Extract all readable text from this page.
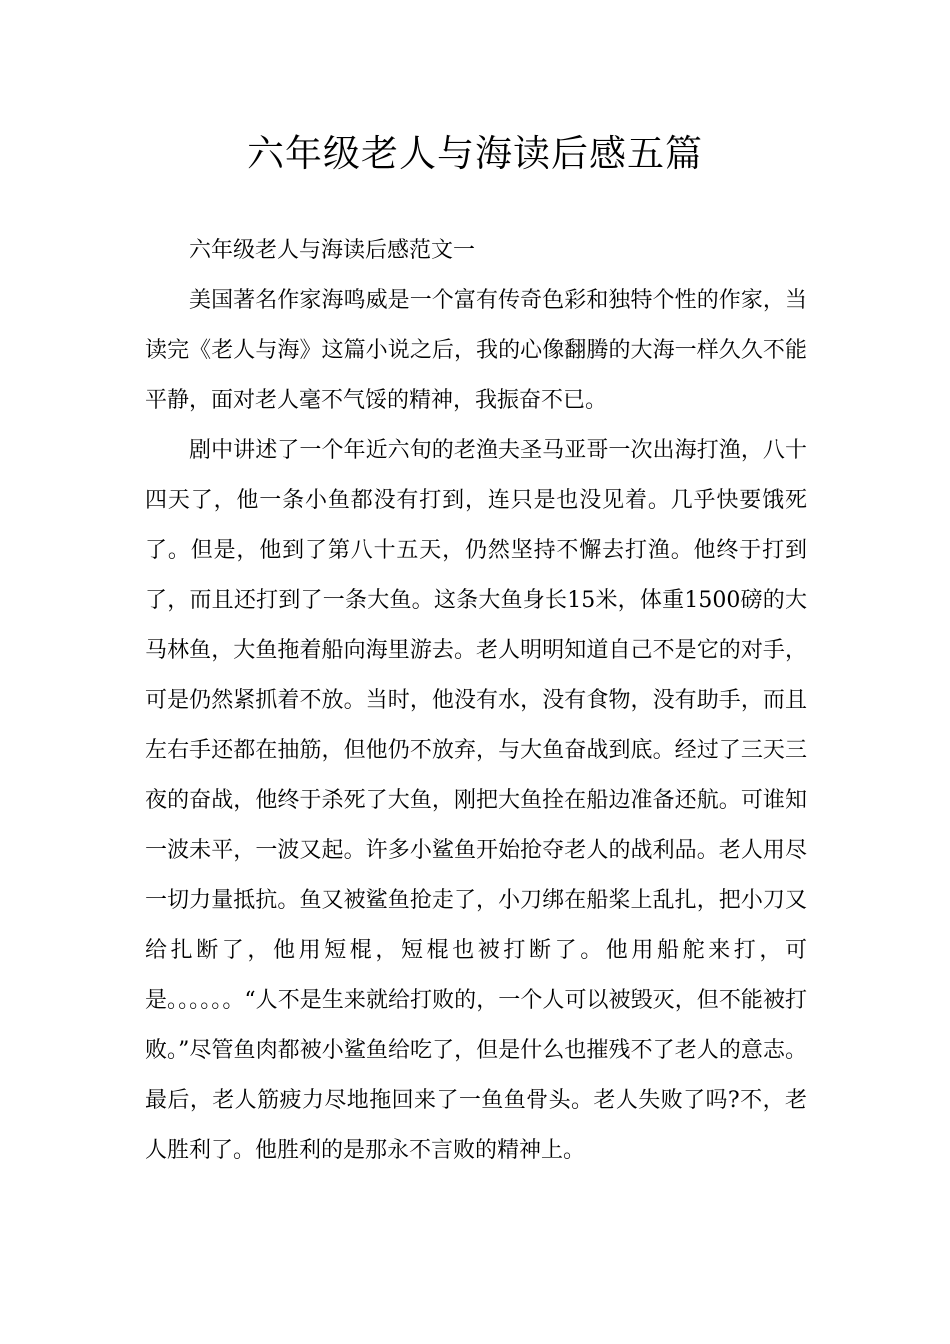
六年级老人与海读后感五篇

六年级老人与海读后感范文一

美国著名作家海鸣威是一个富有传奇色彩和独特个性的作家，当读完《老人与海》这篇小说之后，我的心像翻腾的大海一样久久不能平静，面对老人毫不气馁的精神，我振奋不已。

剧中讲述了一个年近六旬的老渔夫圣马亚哥一次出海打渔，八十四天了，他一条小鱼都没有打到，连只是也没见着。几乎快要饿死了。但是，他到了第八十五天，仍然坚持不懈去打渔。他终于打到了，而且还打到了一条大鱼。这条大鱼身长15米，体重1500磅的大马林鱼，大鱼拖着船向海里游去。老人明明知道自己不是它的对手，可是仍然紧抓着不放。当时，他没有水，没有食物，没有助手，而且左右手还都在抽筋，但他仍不放弃，与大鱼奋战到底。经过了三天三夜的奋战，他终于杀死了大鱼，刚把大鱼拴在船边准备还航。可谁知一波未平，一波又起。许多小鲨鱼开始抢夺老人的战利品。老人用尽一切力量抵抗。鱼又被鲨鱼抢走了，小刀绑在船桨上乱扎，把小刀又给扎断了，他用短棍，短棍也被打断了。他用船舵来打，可是。。。。。。“人不是生来就给打败的，一个人可以被毁灭，但不能被打败。”尽管鱼肉都被小鲨鱼给吃了，但是什么也摧残不了老人的意志。最后，老人筋疲力尽地拖回来了一鱼鱼骨头。老人失败了吗?不，老人胜利了。他胜利的是那永不言败的精神上。
